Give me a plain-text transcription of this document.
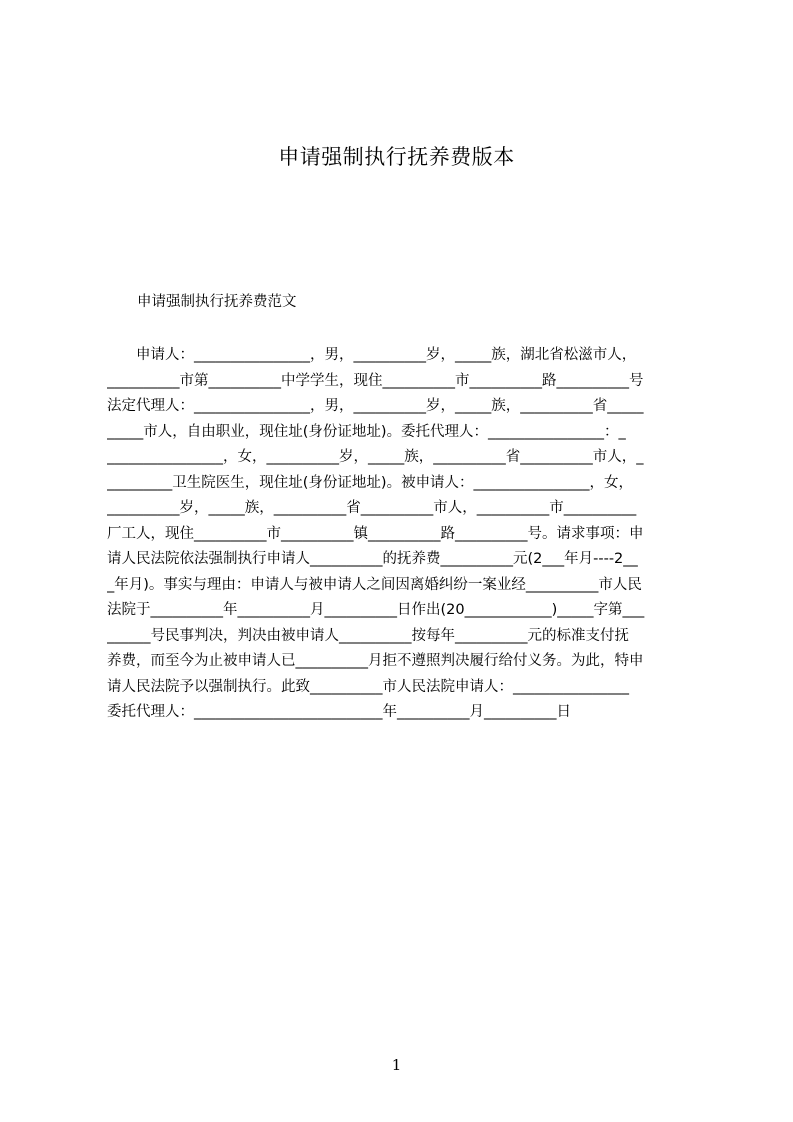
申请强制执行抚养费版本
申请强制执行抚养费范文
　　申请人：________________，男，__________岁，_____族，湖北省松滋市人，
__________市第__________中学学生，现住__________市__________路__________号
法定代理人：________________，男，__________岁，_____族，__________省_____
_____市人，自由职业，现住址(身份证地址)。委托代理人：________________：_
________________，女，__________岁，_____族，__________省__________市人，_
_________卫生院医生，现住址(身份证地址)。被申请人：________________，女，
__________岁，_____族，__________省__________市人，__________市__________
厂工人，现住__________市__________镇__________路__________号。请求事项：申
请人民法院依法强制执行申请人__________的抚养费__________元(2___年月----2__
_年月)。事实与理由：申请人与被申请人之间因离婚纠纷一案业经__________市人民
法院于__________年__________月__________日作出(20____________)_____字第___
______号民事判决，判决由被申请人__________按每年__________元的标准支付抚
养费，而至今为止被申请人已__________月拒不遵照判决履行给付义务。为此，特申
请人民法院予以强制执行。此致__________市人民法院申请人：________________
委托代理人：__________________________年__________月__________日
1
